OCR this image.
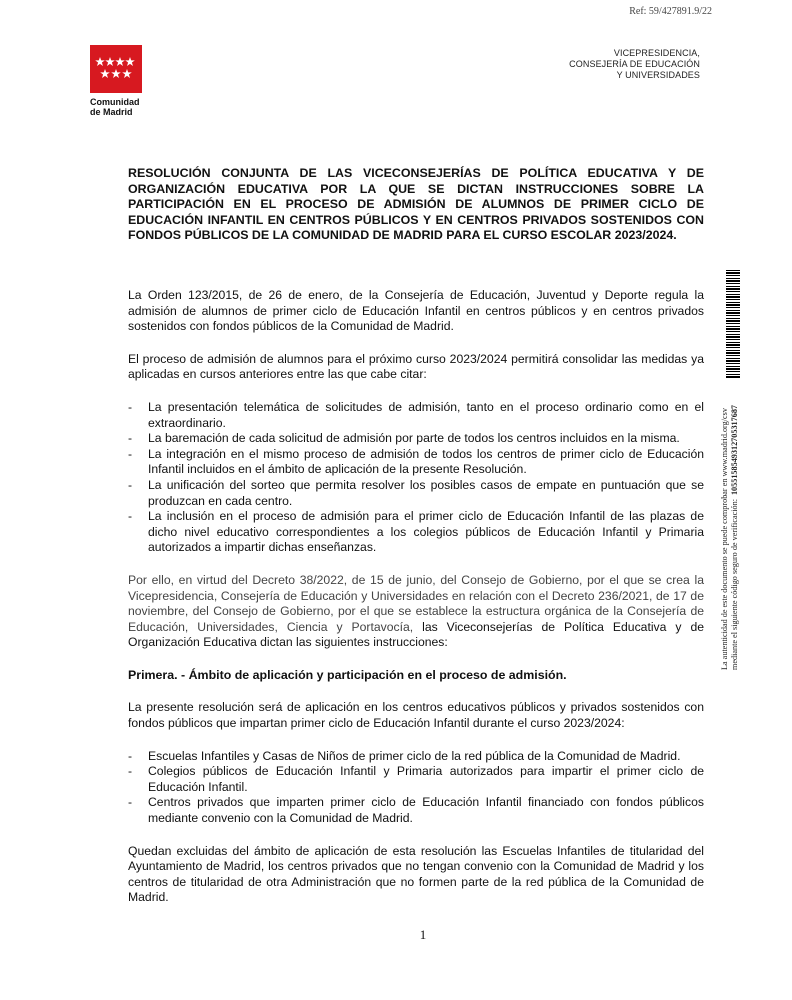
Ref: 59/427891.9/22
Comunidad
de Madrid
VICEPRESIDENCIA,
CONSEJERÍA DE EDUCACIÓN
Y UNIVERSIDADES
RESOLUCIÓN CONJUNTA DE LAS VICECONSEJERÍAS DE POLÍTICA EDUCATIVA Y DE ORGANIZACIÓN EDUCATIVA POR LA QUE SE DICTAN INSTRUCCIONES SOBRE LA PARTICIPACIÓN EN EL PROCESO DE ADMISIÓN DE ALUMNOS DE PRIMER CICLO DE EDUCACIÓN INFANTIL EN CENTROS PÚBLICOS Y EN CENTROS PRIVADOS SOSTENIDOS CON FONDOS PÚBLICOS DE LA COMUNIDAD DE MADRID PARA EL CURSO ESCOLAR 2023/2024.

La Orden 123/2015, de 26 de enero, de la Consejería de Educación, Juventud y Deporte regula la admisión de alumnos de primer ciclo de Educación Infantil en centros públicos y en centros privados sostenidos con fondos públicos de la Comunidad de Madrid.

El proceso de admisión de alumnos para el próximo curso 2023/2024 permitirá consolidar las medidas ya aplicadas en cursos anteriores entre las que cabe citar:

- La presentación telemática de solicitudes de admisión, tanto en el proceso ordinario como en el extraordinario.
- La baremación de cada solicitud de admisión por parte de todos los centros incluidos en la misma.
- La integración en el mismo proceso de admisión de todos los centros de primer ciclo de Educación Infantil incluidos en el ámbito de aplicación de la presente Resolución.
- La unificación del sorteo que permita resolver los posibles casos de empate en puntuación que se produzcan en cada centro.
- La inclusión en el proceso de admisión para el primer ciclo de Educación Infantil de las plazas de dicho nivel educativo correspondientes a los colegios públicos de Educación Infantil y Primaria autorizados a impartir dichas enseñanzas.

Por ello, en virtud del Decreto 38/2022, de 15 de junio, del Consejo de Gobierno, por el que se crea la Vicepresidencia, Consejería de Educación y Universidades en relación con el Decreto 236/2021, de 17 de noviembre, del Consejo de Gobierno, por el que se establece la estructura orgánica de la Consejería de Educación, Universidades, Ciencia y Portavocía, las Viceconsejerías de Política Educativa y de Organización Educativa dictan las siguientes instrucciones:

Primera. - Ámbito de aplicación y participación en el proceso de admisión.

La presente resolución será de aplicación en los centros educativos públicos y privados sostenidos con fondos públicos que impartan primer ciclo de Educación Infantil durante el curso 2023/2024:

- Escuelas Infantiles y Casas de Niños de primer ciclo de la red pública de la Comunidad de Madrid.
- Colegios públicos de Educación Infantil y Primaria autorizados para impartir el primer ciclo de Educación Infantil.
- Centros privados que imparten primer ciclo de Educación Infantil financiado con fondos públicos mediante convenio con la Comunidad de Madrid.

Quedan excluidas del ámbito de aplicación de esta resolución las Escuelas Infantiles de titularidad del Ayuntamiento de Madrid, los centros privados que no tengan convenio con la Comunidad de Madrid y los centros de titularidad de otra Administración que no formen parte de la red pública de la Comunidad de Madrid.

La autenticidad de este documento se puede comprobar en www.madrid.org/csv mediante el siguiente código seguro de verificación:1055158549312705317687
1
